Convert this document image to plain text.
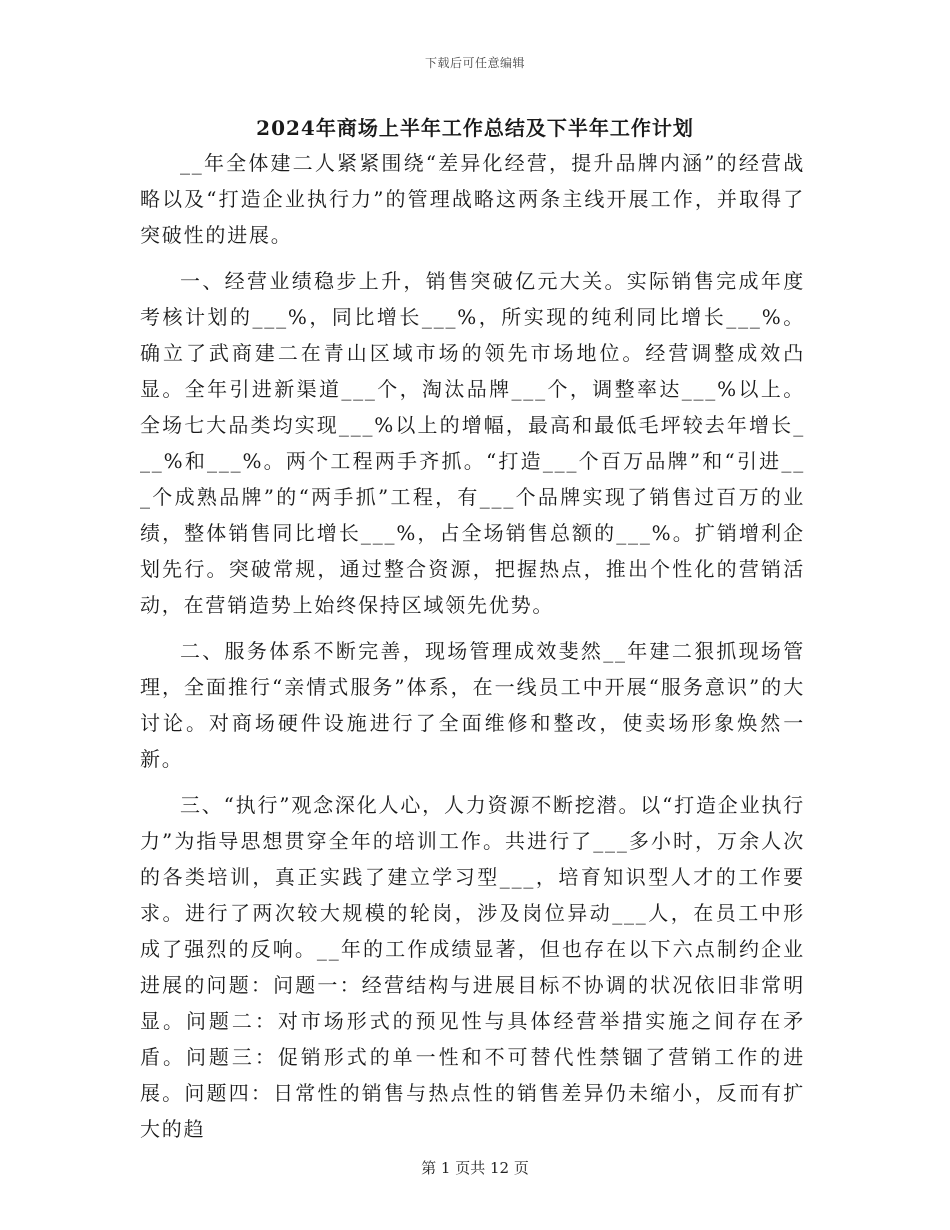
下载后可任意编辑
2024年商场上半年工作总结及下半年工作计划

__年全体建二人紧紧围绕“差异化经营，提升品牌内涵”的经营战略以及“打造企业执行力”的管理战略这两条主线开展工作，并取得了突破性的进展。

一、经营业绩稳步上升，销售突破亿元大关。实际销售完成年度考核计划的___%，同比增长___%，所实现的纯利同比增长___%。确立了武商建二在青山区域市场的领先市场地位。经营调整成效凸显。全年引进新渠道___个，淘汰品牌___个，调整率达___%以上。全场七大品类均实现___%以上的增幅，最高和最低毛坪较去年增长___%和___%。两个工程两手齐抓。“打造___个百万品牌”和“引进___个成熟品牌”的“两手抓”工程，有___个品牌实现了销售过百万的业绩，整体销售同比增长___%，占全场销售总额的___%。扩销增利企划先行。突破常规，通过整合资源，把握热点，推出个性化的营销活动，在营销造势上始终保持区域领先优势。

二、服务体系不断完善，现场管理成效斐然__年建二狠抓现场管理，全面推行“亲情式服务”体系，在一线员工中开展“服务意识”的大讨论。对商场硬件设施进行了全面维修和整改，使卖场形象焕然一新。

三、“执行”观念深化人心，人力资源不断挖潜。以“打造企业执行力”为指导思想贯穿全年的培训工作。共进行了___多小时，万余人次的各类培训，真正实践了建立学习型___，培育知识型人才的工作要求。进行了两次较大规模的轮岗，涉及岗位异动___人，在员工中形成了强烈的反响。__年的工作成绩显著，但也存在以下六点制约企业进展的问题：问题一：经营结构与进展目标不协调的状况依旧非常明显。问题二：对市场形式的预见性与具体经营举措实施之间存在矛盾。问题三：促销形式的单一性和不可替代性禁锢了营销工作的进展。问题四：日常性的销售与热点性的销售差异仍未缩小，反而有扩大的趋

第 1 页共 12 页
